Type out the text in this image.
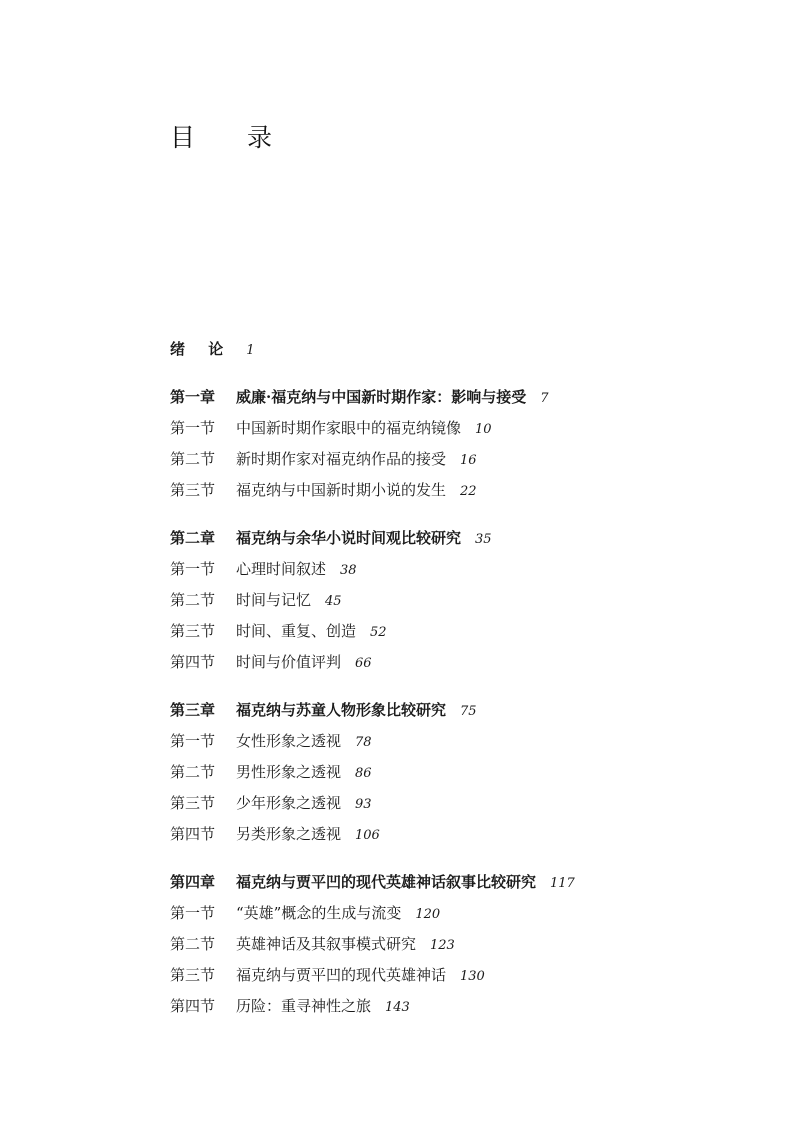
目 录
绪 论 1
第一章	威廉·福克纳与中国新时期作家：影响与接受 7
第一节	中国新时期作家眼中的福克纳镜像 10
第二节	新时期作家对福克纳作品的接受 16
第三节	福克纳与中国新时期小说的发生 22
第二章	福克纳与余华小说时间观比较研究 35
第一节	心理时间叙述 38
第二节	时间与记忆 45
第三节	时间、重复、创造 52
第四节	时间与价值评判 66
第三章	福克纳与苏童人物形象比较研究 75
第一节	女性形象之透视 78
第二节	男性形象之透视 86
第三节	少年形象之透视 93
第四节	另类形象之透视 106
第四章	福克纳与贾平凹的现代英雄神话叙事比较研究 117
第一节	“英雄”概念的生成与流变 120
第二节	英雄神话及其叙事模式研究 123
第三节	福克纳与贾平凹的现代英雄神话 130
第四节	历险：重寻神性之旅 143
